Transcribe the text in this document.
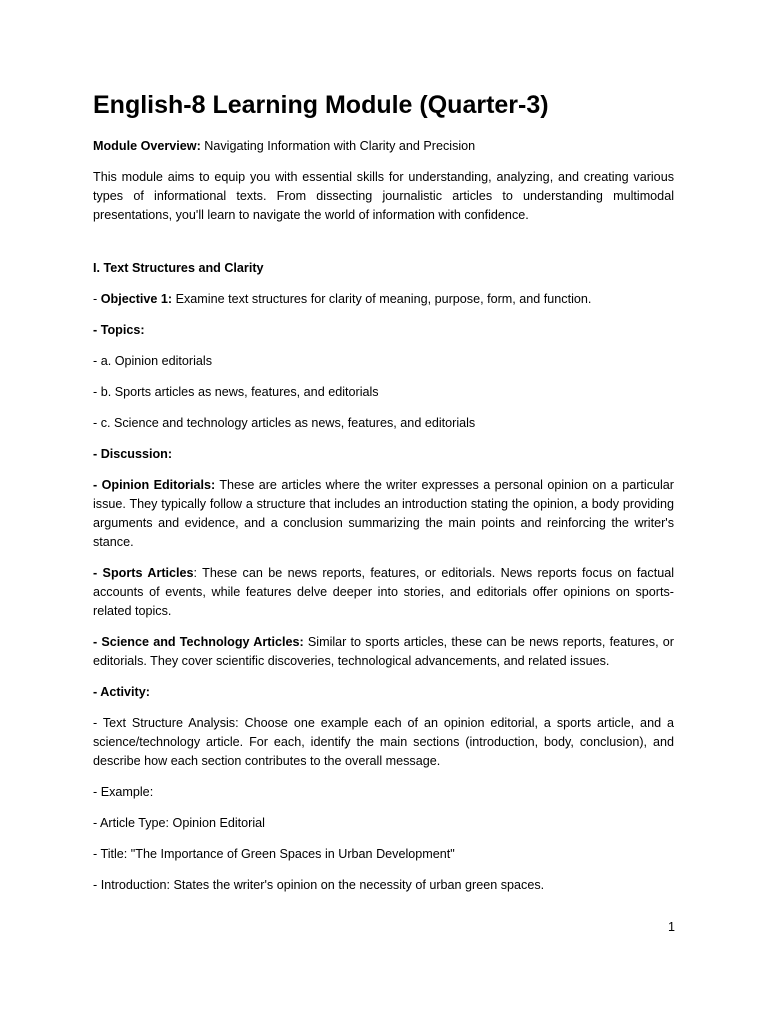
English-8 Learning Module (Quarter-3)

Module Overview: Navigating Information with Clarity and Precision

This module aims to equip you with essential skills for understanding, analyzing, and creating various types of informational texts. From dissecting journalistic articles to understanding multimodal presentations, you'll learn to navigate the world of information with confidence.

I. Text Structures and Clarity

- Objective 1: Examine text structures for clarity of meaning, purpose, form, and function.

- Topics:

- a. Opinion editorials

- b. Sports articles as news, features, and editorials

- c. Science and technology articles as news, features, and editorials

- Discussion:

- Opinion Editorials: These are articles where the writer expresses a personal opinion on a particular issue. They typically follow a structure that includes an introduction stating the opinion, a body providing arguments and evidence, and a conclusion summarizing the main points and reinforcing the writer's stance.

- Sports Articles: These can be news reports, features, or editorials. News reports focus on factual accounts of events, while features delve deeper into stories, and editorials offer opinions on sports-related topics.

- Science and Technology Articles: Similar to sports articles, these can be news reports, features, or editorials. They cover scientific discoveries, technological advancements, and related issues.

- Activity:

- Text Structure Analysis: Choose one example each of an opinion editorial, a sports article, and a science/technology article. For each, identify the main sections (introduction, body, conclusion), and describe how each section contributes to the overall message.

- Example:

- Article Type: Opinion Editorial

- Title: "The Importance of Green Spaces in Urban Development"

- Introduction: States the writer's opinion on the necessity of urban green spaces.

1
